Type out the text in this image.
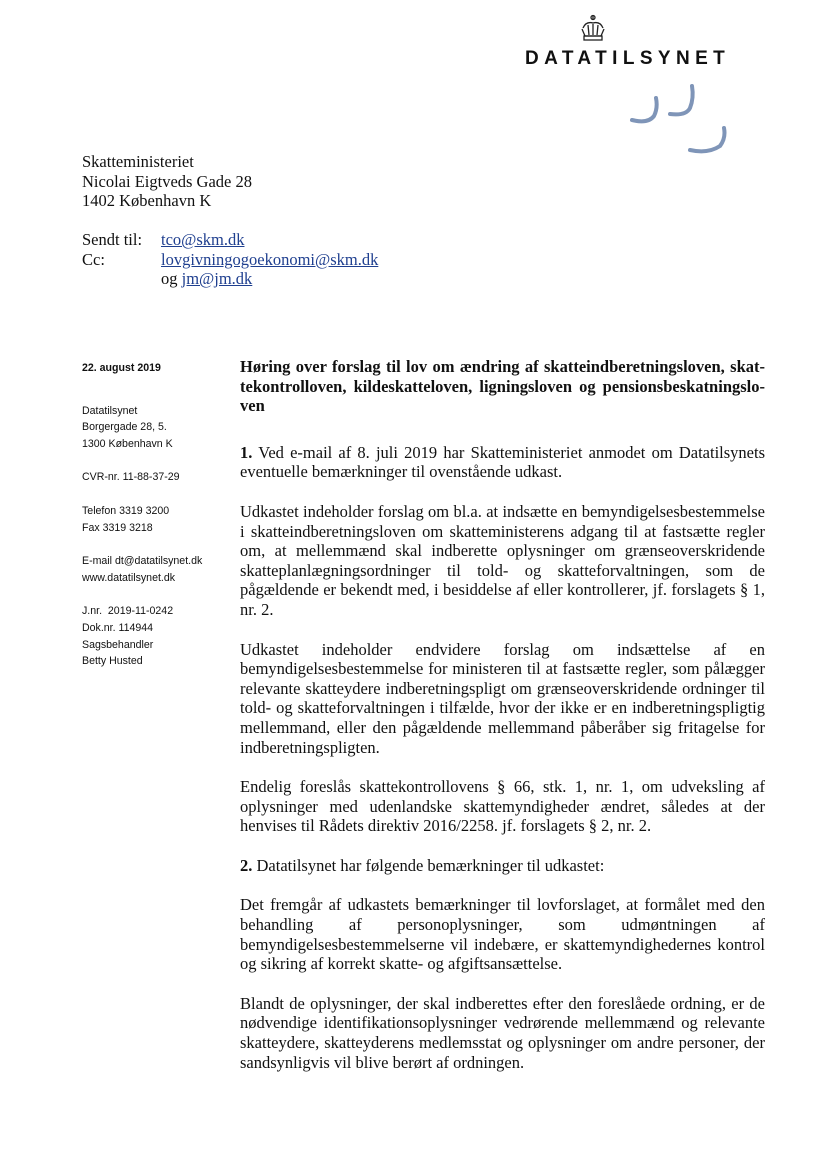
DATATILSYNET
Skatteministeriet
Nicolai Eigtveds Gade 28
1402 København K
Sendt til:	tco@skm.dk
Cc:	lovgivningogoekonomi@skm.dk
og jm@jm.dk
22. august 2019
Datatilsynet
Borgergade 28, 5.
1300 København K
CVR-nr. 11-88-37-29
Telefon 3319 3200
Fax 3319 3218
E-mail dt@datatilsynet.dk
www.datatilsynet.dk
J.nr.  2019-11-0242
Dok.nr. 114944
Sagsbehandler
Betty Husted
Høring over forslag til lov om ændring af skatteindberetningsloven, skat-tekontrolloven, kildeskatteloven, ligningsloven og pensionsbeskatningslo-ven

1. Ved e-mail af 8. juli 2019 har Skatteministeriet anmodet om Datatilsynets eventuelle bemærkninger til ovenstående udkast.

Udkastet indeholder forslag om bl.a. at indsætte en bemyndigelsesbestemmelse i skatteindberetningsloven om skatteministerens adgang til at fastsætte regler om, at mellemmænd skal indberette oplysninger om grænseoverskridende skatteplanlægningsordninger til told- og skatteforvaltningen, som de pågældende er bekendt med, i besiddelse af eller kontrollerer, jf. forslagets § 1, nr. 2.

Udkastet indeholder endvidere forslag om indsættelse af en bemyndigelsesbestemmelse for ministeren til at fastsætte regler, som pålægger relevante skatteydere indberetningspligt om grænseoverskridende ordninger til told- og skatteforvaltningen i tilfælde, hvor der ikke er en indberetningspligtig mellemmand, eller den pågældende mellemmand påberåber sig fritagelse for indberetningspligten.

Endelig foreslås skattekontrollovens § 66, stk. 1, nr. 1, om udveksling af oplysninger med udenlandske skattemyndigheder ændret, således at der henvises til Rådets direktiv 2016/2258. jf. forslagets § 2, nr. 2.

2. Datatilsynet har følgende bemærkninger til udkastet:

Det fremgår af udkastets bemærkninger til lovforslaget, at formålet med den behandling af personoplysninger, som udmøntningen af bemyndigelsesbestemmelserne vil indebære, er skattemyndighedernes kontrol og sikring af korrekt skatte- og afgiftsansættelse.

Blandt de oplysninger, der skal indberettes efter den foreslåede ordning, er de nødvendige identifikationsoplysninger vedrørende mellemmænd og relevante skatteydere, skatteyderens medlemsstat og oplysninger om andre personer, der sandsynligvis vil blive berørt af ordningen.
